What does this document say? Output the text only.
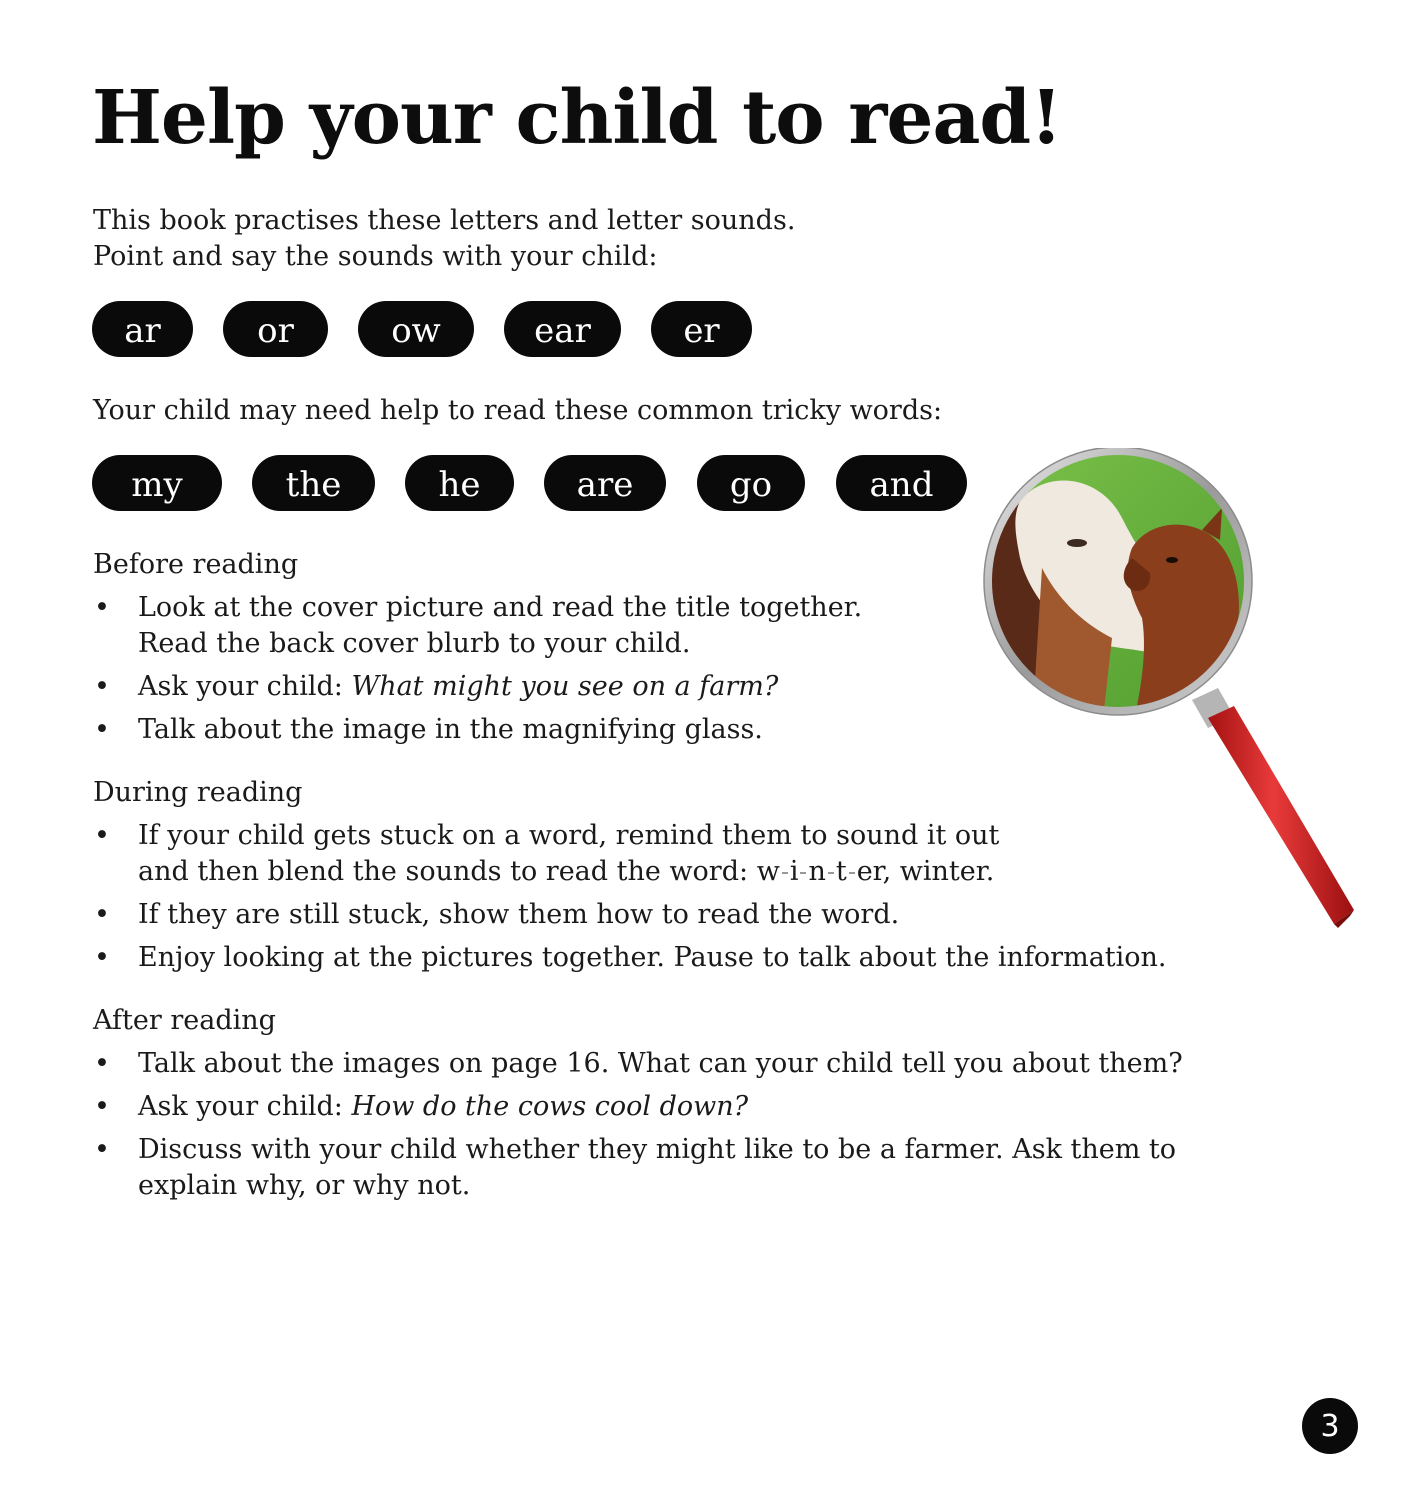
Help your child to read!

This book practises these letters and letter sounds.
Point and say the sounds with your child:

ar	or	ow	ear	er

Your child may need help to read these common tricky words:

my	the	he	are	go	and
Before reading
• Look at the cover picture and read the title together.
Read the back cover blurb to your child.
• Ask your child: What might you see on a farm?
• Talk about the image in the magnifying glass.
During reading
• If your child gets stuck on a word, remind them to sound it out
and then blend the sounds to read the word: w i n t er, winter.
• If they are still stuck, show them how to read the word.
• Enjoy looking at the pictures together. Pause to talk about the information.
After reading
• Talk about the images on page 16. What can your child tell you about them?
• Ask your child: How do the cows cool down?
• Discuss with your child whether they might like to be a farmer. Ask them to
explain why, or why not.
3
